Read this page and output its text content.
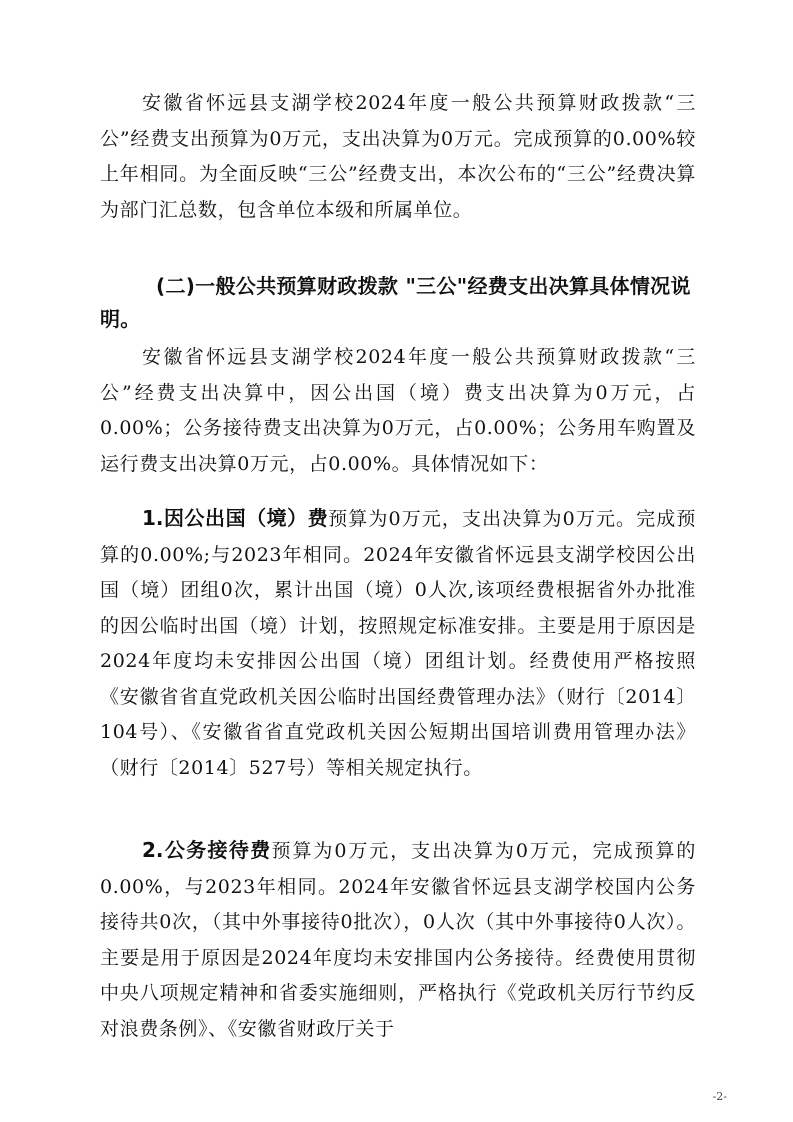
安徽省怀远县支湖学校2024年度一般公共预算财政拨款“三公”经费支出预算为0万元，支出决算为0万元。完成预算的0.00%较上年相同。为全面反映“三公”经费支出，本次公布的“三公”经费决算为部门汇总数，包含单位本级和所属单位。

(二)一般公共预算财政拨款 "三公"经费支出决算具体情况说明。

安徽省怀远县支湖学校2024年度一般公共预算财政拨款“三公”经费支出决算中，因公出国（境）费支出决算为0万元，占0.00%；公务接待费支出决算为0万元，占0.00%；公务用车购置及运行费支出决算0万元，占0.00%。具体情况如下：

1.因公出国（境）费预算为0万元，支出决算为0万元。完成预算的0.00%;与2023年相同。2024年安徽省怀远县支湖学校因公出国（境）团组0次，累计出国（境）0人次,该项经费根据省外办批准的因公临时出国（境）计划，按照规定标准安排。主要是用于原因是2024年度均未安排因公出国（境）团组计划。经费使用严格按照《安徽省省直党政机关因公临时出国经费管理办法》（财行〔2014〕104号）、《安徽省省直党政机关因公短期出国培训费用管理办法》（财行〔2014〕527号）等相关规定执行。

2.公务接待费预算为0万元，支出决算为0万元，完成预算的 0.00%，与2023年相同。2024年安徽省怀远县支湖学校国内公务接待共0次，（其中外事接待0批次），0人次（其中外事接待0人次）。主要是用于原因是2024年度均未安排国内公务接待。经费使用贯彻中央八项规定精神和省委实施细则，严格执行《党政机关厉行节约反对浪费条例》、《安徽省财政厅关于

-2-
